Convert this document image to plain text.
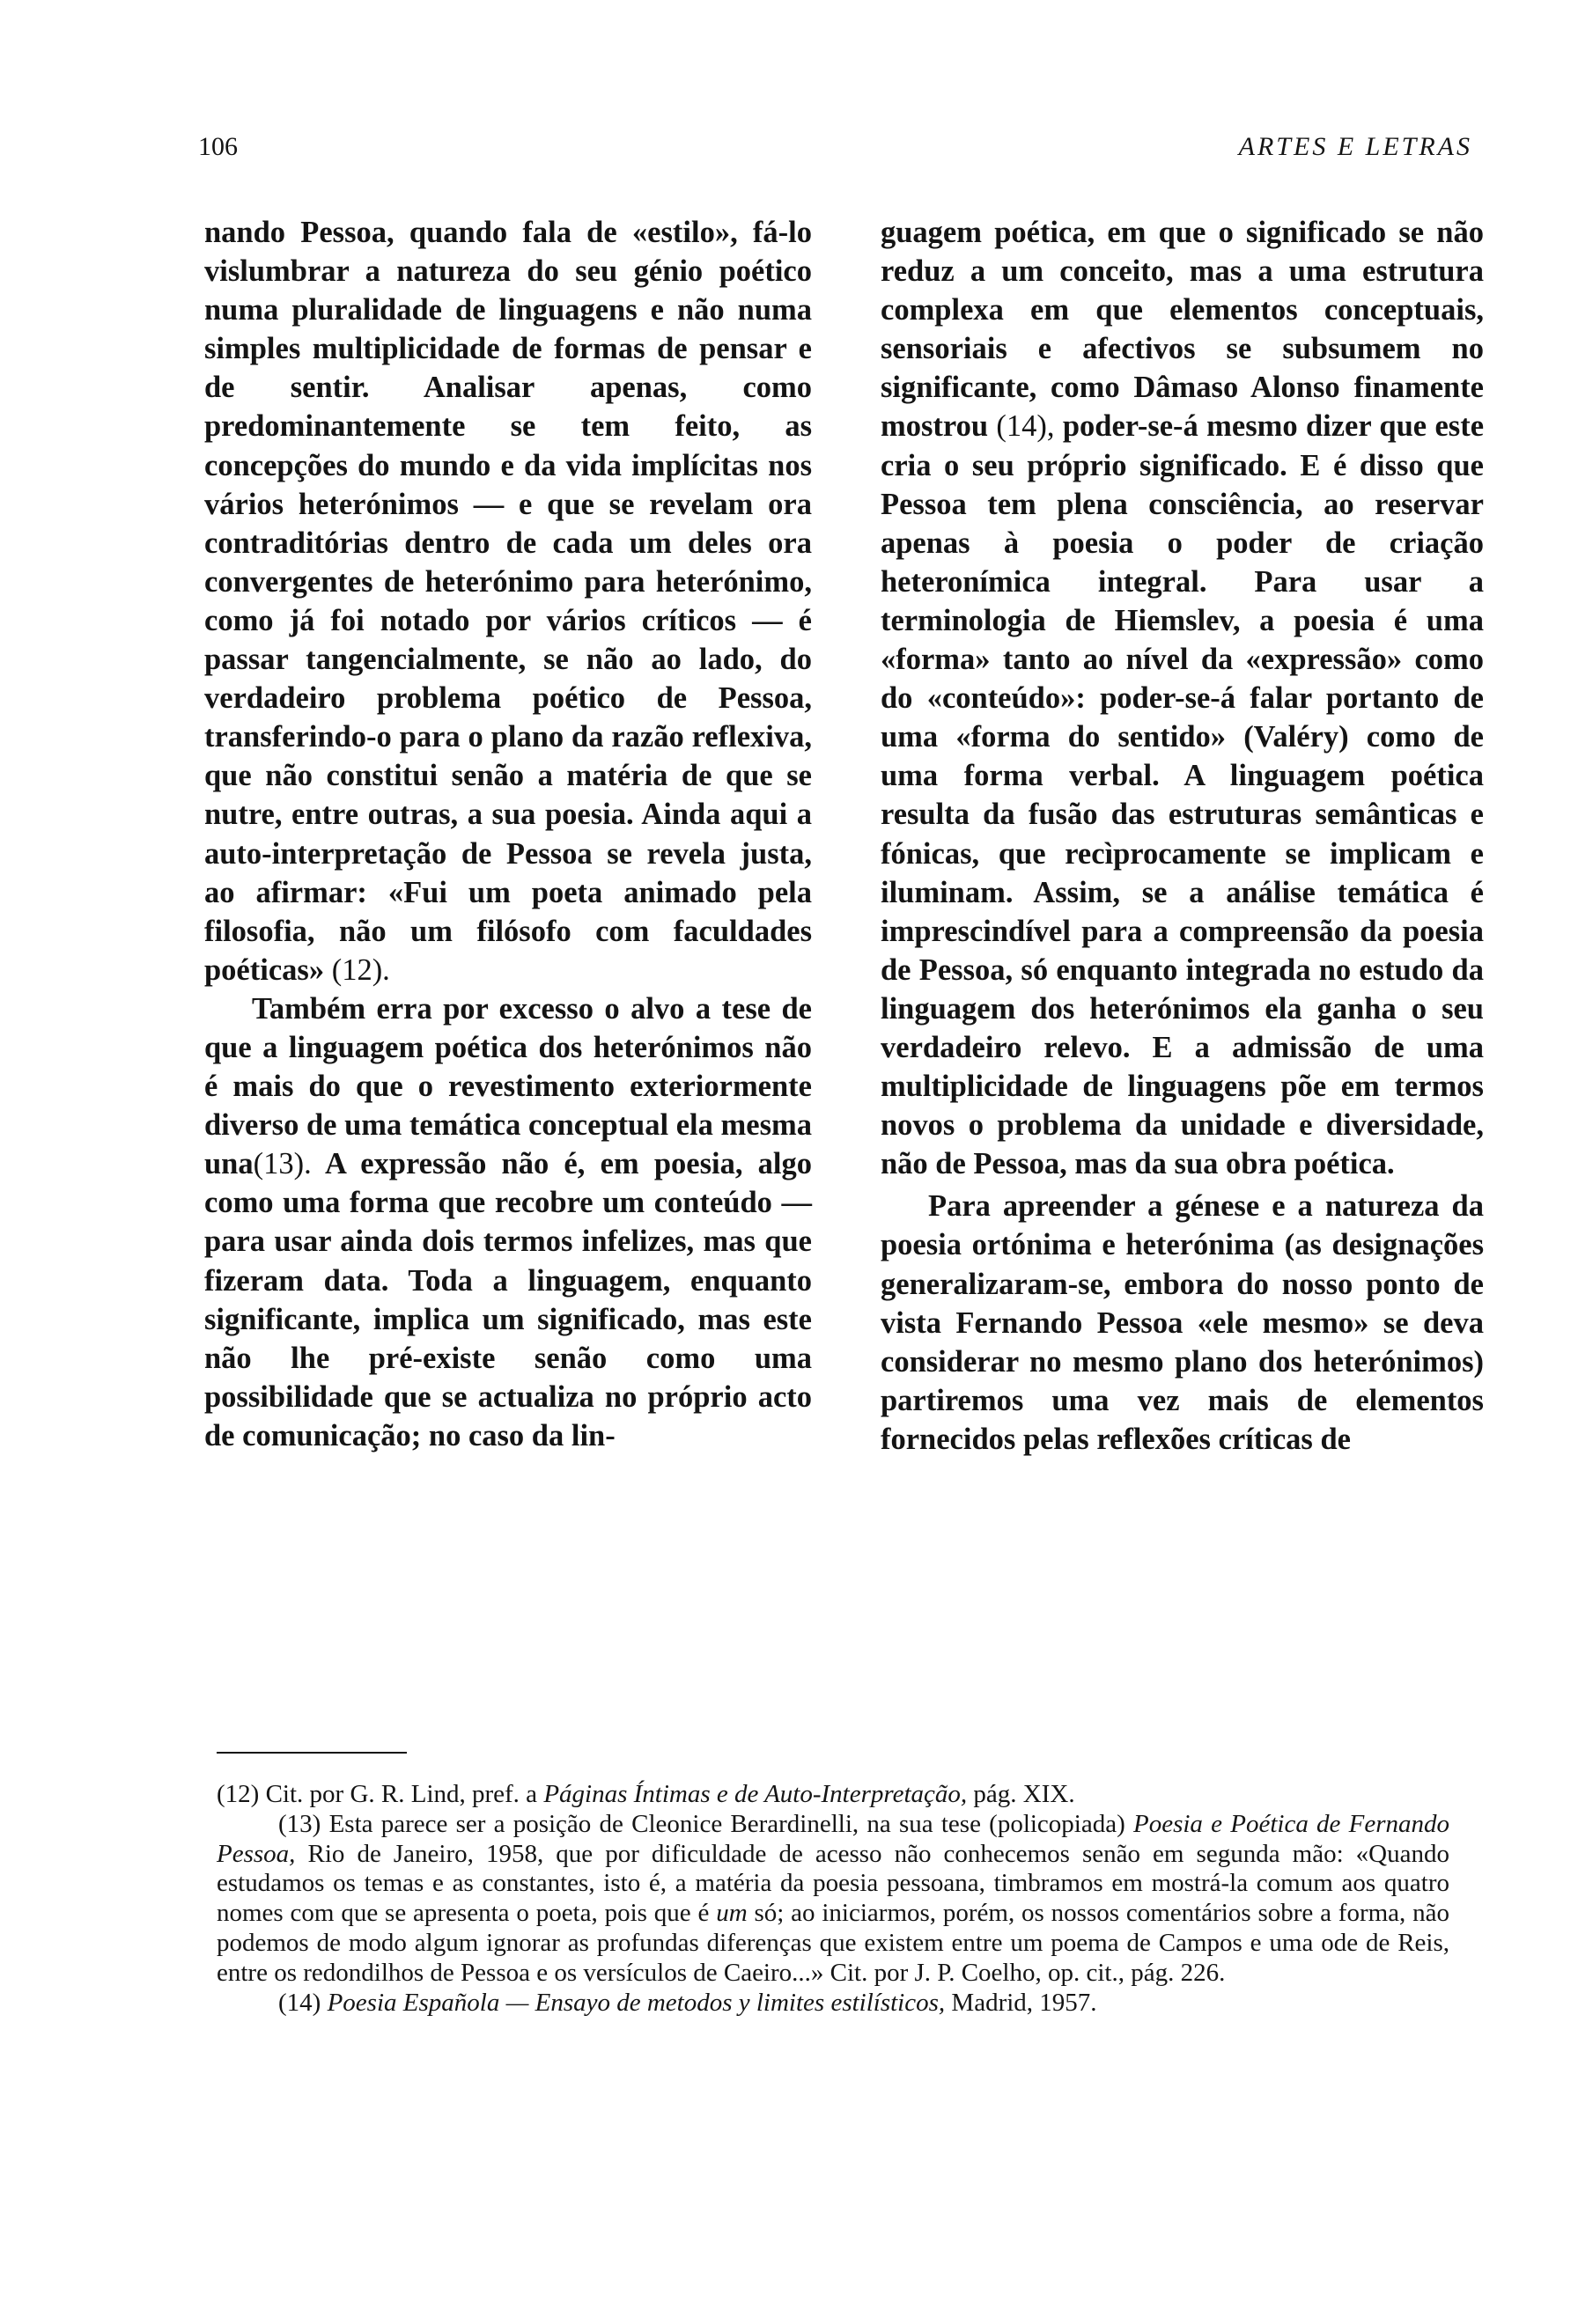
106	ARTES E LETRAS

nando Pessoa, quando fala de «estilo», fá-lo vislumbrar a natureza do seu génio poético numa pluralidade de linguagens e não numa simples multiplicidade de formas de pensar e de sentir. Analisar apenas, como predominantemente se tem feito, as concepções do mundo e da vida implícitas nos vários heterónimos — e que se revelam ora contraditórias dentro de cada um deles ora convergentes de heterónimo para heterónimo, como já foi notado por vários críticos — é passar tangencialmente, se não ao lado, do verdadeiro problema poético de Pessoa, transferindo-o para o plano da razão reflexiva, que não constitui senão a matéria de que se nutre, entre outras, a sua poesia. Ainda aqui a auto-interpretação de Pessoa se revela justa, ao afirmar: «Fui um poeta animado pela filosofia, não um filósofo com faculdades poéticas» (12).

Também erra por excesso o alvo a tese de que a linguagem poética dos heterónimos não é mais do que o revestimento exteriormente diverso de uma temática conceptual ela mesma una(13). A expressão não é, em poesia, algo como uma forma que recobre um conteúdo — para usar ainda dois termos infelizes, mas que fizeram data. Toda a linguagem, enquanto significante, implica um significado, mas este não lhe pré-existe senão como uma possibilidade que se actualiza no próprio acto de comunicação; no caso da lin-

guagem poética, em que o significado se não reduz a um conceito, mas a uma estrutura complexa em que elementos conceptuais, sensoriais e afectivos se subsumem no significante, como Dâmaso Alonso finamente mostrou (14), poder-se-á mesmo dizer que este cria o seu próprio significado. E é disso que Pessoa tem plena consciência, ao reservar apenas à poesia o poder de criação heteronímica integral. Para usar a terminologia de Hiemslev, a poesia é uma «forma» tanto ao nível da «expressão» como do «conteúdo»: poder-se-á falar portanto de uma «forma do sentido» (Valéry) como de uma forma verbal. A linguagem poética resulta da fusão das estruturas semânticas e fónicas, que recìprocamente se implicam e iluminam. Assim, se a análise temática é imprescindível para a compreensão da poesia de Pessoa, só enquanto integrada no estudo da linguagem dos heterónimos ela ganha o seu verdadeiro relevo. E a admissão de uma multiplicidade de linguagens põe em termos novos o problema da unidade e diversidade, não de Pessoa, mas da sua obra poética.

Para apreender a génese e a natureza da poesia ortónima e heterónima (as designações generalizaram-se, embora do nosso ponto de vista Fernando Pessoa «ele mesmo» se deva considerar no mesmo plano dos heterónimos) partiremos uma vez mais de elementos fornecidos pelas reflexões críticas de

(12) Cit. por G. R. Lind, pref. a Páginas Íntimas e de Auto-Interpretação, pág. XIX.

(13) Esta parece ser a posição de Cleonice Berardinelli, na sua tese (policopiada) Poesia e Poética de Fernando Pessoa, Rio de Janeiro, 1958, que por dificuldade de acesso não conhecemos senão em segunda mão: «Quando estudamos os temas e as constantes, isto é, a matéria da poesia pessoana, timbramos em mostrá-la comum aos quatro nomes com que se apresenta o poeta, pois que é um só; ao iniciarmos, porém, os nossos comentários sobre a forma, não podemos de modo algum ignorar as profundas diferenças que existem entre um poema de Campos e uma ode de Reis, entre os redondilhos de Pessoa e os versículos de Caeiro...» Cit. por J. P. Coelho, op. cit., pág. 226.

(14) Poesia Española — Ensayo de metodos y limites estilísticos, Madrid, 1957.
